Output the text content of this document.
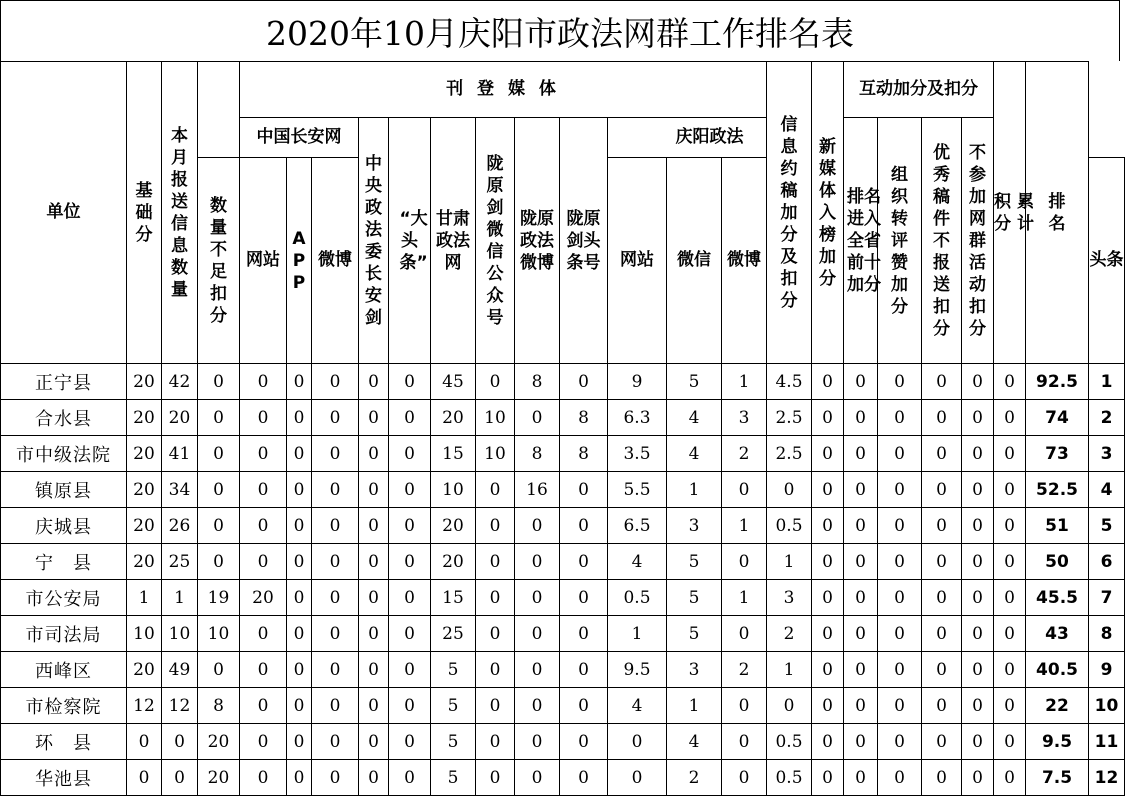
2020年10月庆阳市政法网群工作排名表
单位	基础分	本月报送信息数量		刊 登 媒 体												信息约稿加分及扣分	新媒体入榜加分	互动加分及扣分				积 累分 计	排名	
				中国长安网			中央政法委长安剑	“大头条”	甘肃政法网	陇原剑微信公众号	陇原政法微博	陇原剑头条号	庆阳政法					排名进入全省前十加分	组织转评赞加分	优秀稿件不报送扣分	不参加网群活动扣分			
			数量不足扣分	网站	APP	微博							网站	微信	微博									头条

正宁县	20	42	0	0	0	0	0	0	45	0	8	0	9	5	1	4.5	0	0	0	0	0	0	92.5	1
合水县	20	20	0	0	0	0	0	0	20	10	0	8	6.3	4	3	2.5	0	0	0	0	0	0	74	2
市中级法院	20	41	0	0	0	0	0	0	15	10	8	8	3.5	4	2	2.5	0	0	0	0	0	0	73	3
镇原县	20	34	0	0	0	0	0	0	10	0	16	0	5.5	1	0	0	0	0	0	0	0	0	52.5	4
庆城县	20	26	0	0	0	0	0	0	20	0	0	0	6.5	3	1	0.5	0	0	0	0	0	0	51	5
宁　县	20	25	0	0	0	0	0	0	20	0	0	0	4	5	0	1	0	0	0	0	0	0	50	6
市公安局	1	1	19	20	0	0	0	0	15	0	0	0	0.5	5	1	3	0	0	0	0	0	0	45.5	7
市司法局	10	10	10	0	0	0	0	0	25	0	0	0	1	5	0	2	0	0	0	0	0	0	43	8
西峰区	20	49	0	0	0	0	0	0	5	0	0	0	9.5	3	2	1	0	0	0	0	0	0	40.5	9
市检察院	12	12	8	0	0	0	0	0	5	0	0	0	4	1	0	0	0	0	0	0	0	0	22	10
环　县	0	0	20	0	0	0	0	0	5	0	0	0	0	4	0	0.5	0	0	0	0	0	0	9.5	11
华池县	0	0	20	0	0	0	0	0	5	0	0	0	0	2	0	0.5	0	0	0	0	0	0	7.5	12
